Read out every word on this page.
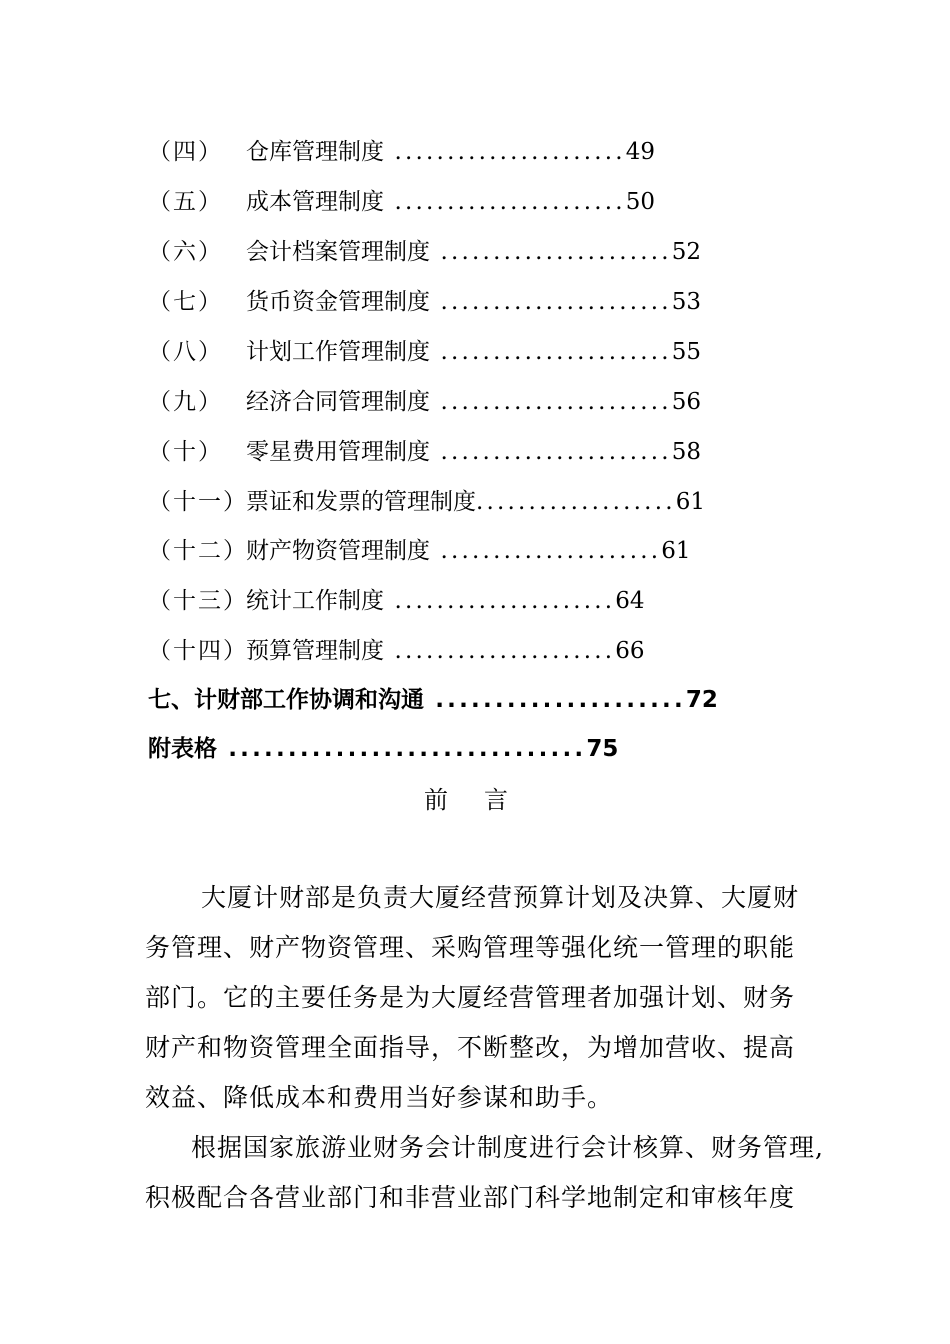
（四） 仓库管理制度 ......................49
（五） 成本管理制度 ......................50
（六） 会计档案管理制度 ......................52
（七） 货币资金管理制度 ......................53
（八） 计划工作管理制度 ......................55
（九） 经济合同管理制度 ......................56
（十） 零星费用管理制度 ......................58
（十一）票证和发票的管理制度...................61
（十二）财产物资管理制度 .....................61
（十三）统计工作制度 .....................64
（十四）预算管理制度 .....................66
七、计财部工作协调和沟通 .....................72
附表格 ..............................75
前言
大厦计财部是负责大厦经营预算计划及决算、大厦财
务管理、财产物资管理、采购管理等强化统一管理的职能
部门。它的主要任务是为大厦经营管理者加强计划、财务
财产和物资管理全面指导，不断整改，为增加营收、提高
效益、降低成本和费用当好参谋和助手。
根据国家旅游业财务会计制度进行会计核算、财务管理,
积极配合各营业部门和非营业部门科学地制定和审核年度
